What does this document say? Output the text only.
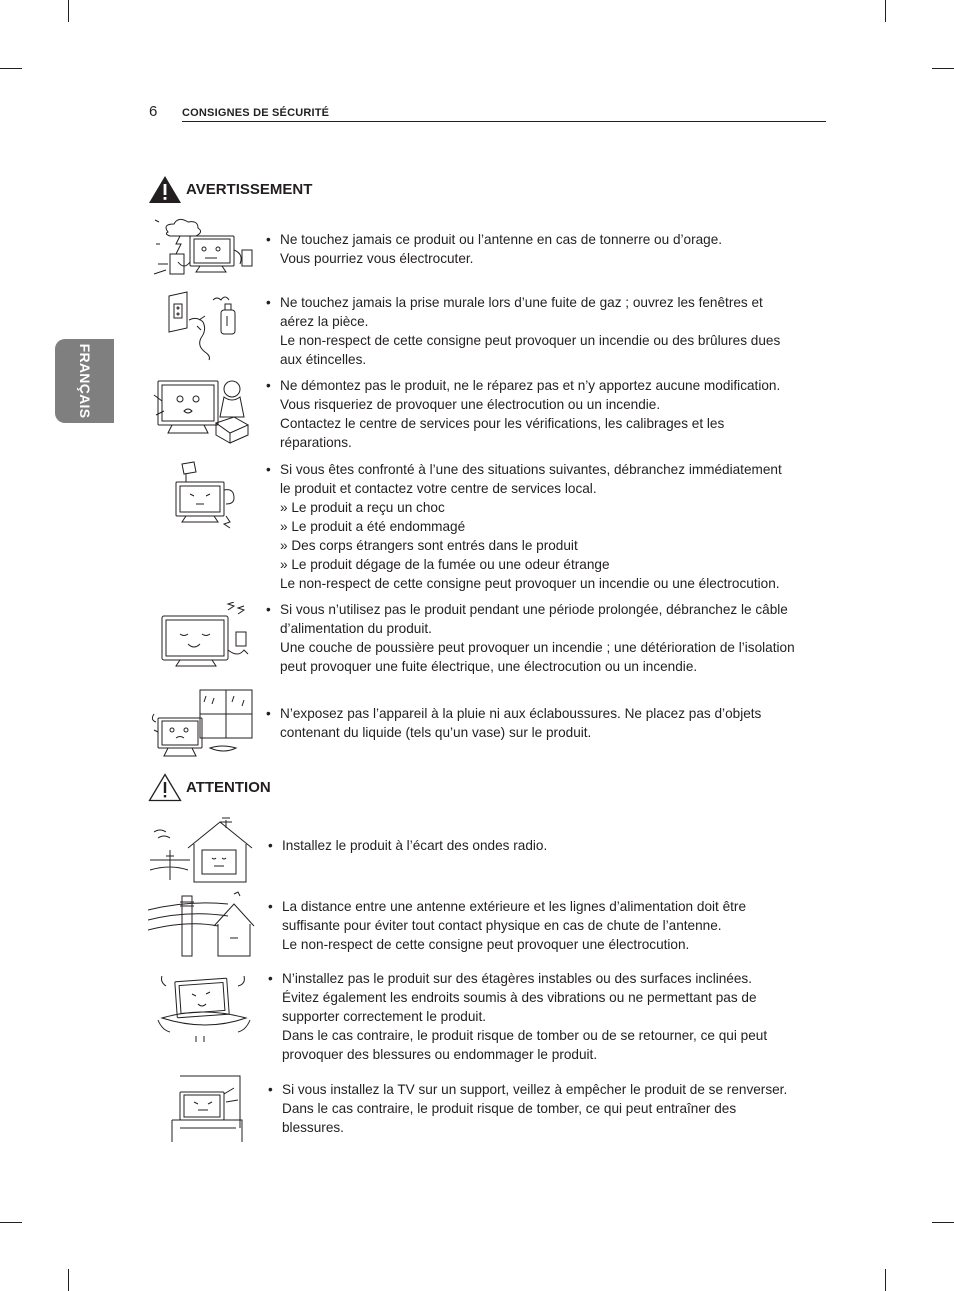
6 CONSIGNES DE SÉCURITÉ
FRANÇAIS
AVERTISSEMENT
• Ne touchez jamais ce produit ou l’antenne en cas de tonnerre ou d’orage.
Vous pourriez vous électrocuter.
• Ne touchez jamais la prise murale lors d’une fuite de gaz ; ouvrez les fenêtres et
aérez la pièce.
Le non-respect de cette consigne peut provoquer un incendie ou des brûlures dues
aux étincelles.
• Ne démontez pas le produit, ne le réparez pas et n’y apportez aucune modification.
Vous risqueriez de provoquer une électrocution ou un incendie.
Contactez le centre de services pour les vérifications, les calibrages et les
réparations.
• Si vous êtes confronté à l’une des situations suivantes, débranchez immédiatement
le produit et contactez votre centre de services local.
» Le produit a reçu un choc
» Le produit a été endommagé
» Des corps étrangers sont entrés dans le produit
» Le produit dégage de la fumée ou une odeur étrange
Le non-respect de cette consigne peut provoquer un incendie ou une électrocution.
• Si vous n’utilisez pas le produit pendant une période prolongée, débranchez le câble
d’alimentation du produit.
Une couche de poussière peut provoquer un incendie ; une détérioration de l’isolation
peut provoquer une fuite électrique, une électrocution ou un incendie.
• N’exposez pas l’appareil à la pluie ni aux éclaboussures. Ne placez pas d’objets
contenant du liquide (tels qu’un vase) sur le produit.
ATTENTION
• Installez le produit à l’écart des ondes radio.
• La distance entre une antenne extérieure et les lignes d’alimentation doit être
suffisante pour éviter tout contact physique en cas de chute de l’antenne.
Le non-respect de cette consigne peut provoquer une électrocution.
• N’installez pas le produit sur des étagères instables ou des surfaces inclinées.
Évitez également les endroits soumis à des vibrations ou ne permettant pas de
supporter correctement le produit.
Dans le cas contraire, le produit risque de tomber ou de se retourner, ce qui peut
provoquer des blessures ou endommager le produit.
• Si vous installez la TV sur un support, veillez à empêcher le produit de se renverser.
Dans le cas contraire, le produit risque de tomber, ce qui peut entraîner des
blessures.
